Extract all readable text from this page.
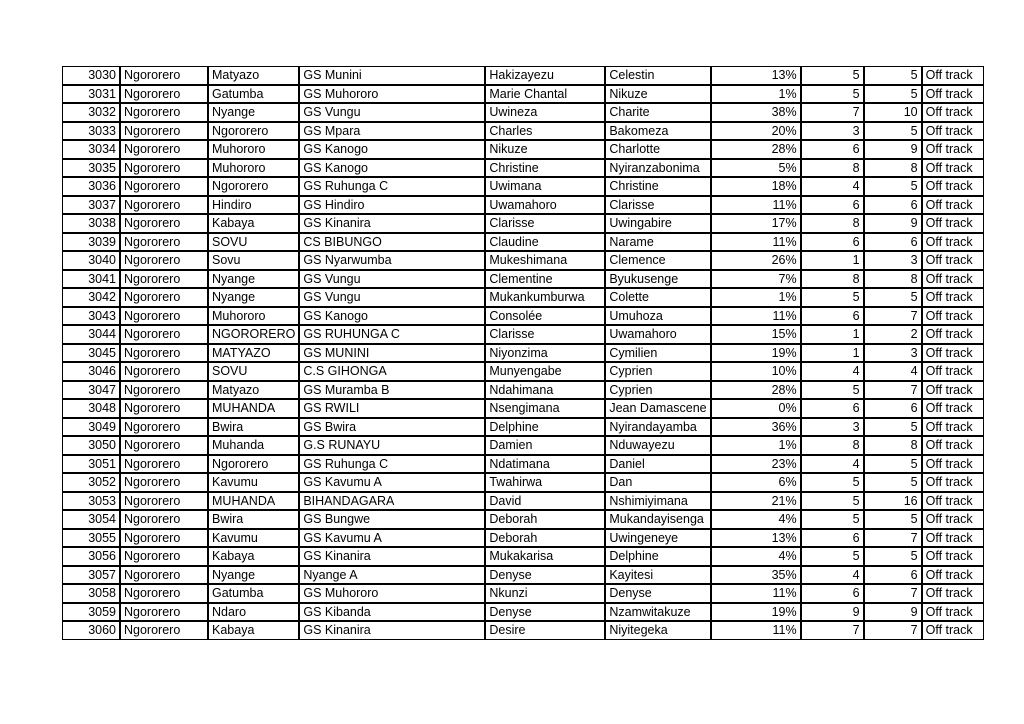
3030	Ngororero	Matyazo	GS Munini	Hakizayezu	Celestin	13%	5	5	Off track
3031	Ngororero	Gatumba	GS Muhororo	Marie Chantal	Nikuze	1%	5	5	Off track
3032	Ngororero	Nyange	GS Vungu	Uwineza	Charite	38%	7	10	Off track
3033	Ngororero	Ngororero	GS Mpara	Charles	Bakomeza	20%	3	5	Off track
3034	Ngororero	Muhororo	GS Kanogo	Nikuze	Charlotte	28%	6	9	Off track
3035	Ngororero	Muhororo	GS Kanogo	Christine	Nyiranzabonima	5%	8	8	Off track
3036	Ngororero	Ngororero	GS Ruhunga C	Uwimana	Christine	18%	4	5	Off track
3037	Ngororero	Hindiro	GS Hindiro	Uwamahoro	Clarisse	11%	6	6	Off track
3038	Ngororero	Kabaya	GS Kinanira	Clarisse	Uwingabire	17%	8	9	Off track
3039	Ngororero	SOVU	CS BIBUNGO	Claudine	Narame	11%	6	6	Off track
3040	Ngororero	Sovu	GS Nyarwumba	Mukeshimana	Clemence	26%	1	3	Off track
3041	Ngororero	Nyange	GS Vungu	Clementine	Byukusenge	7%	8	8	Off track
3042	Ngororero	Nyange	GS Vungu	Mukankumburwa	Colette	1%	5	5	Off track
3043	Ngororero	Muhororo	GS Kanogo	Consolée	Umuhoza	11%	6	7	Off track
3044	Ngororero	NGORORERO	GS RUHUNGA C	Clarisse	Uwamahoro	15%	1	2	Off track
3045	Ngororero	MATYAZO	GS MUNINI	Niyonzima	Cymilien	19%	1	3	Off track
3046	Ngororero	SOVU	C.S GIHONGA	Munyengabe	Cyprien	10%	4	4	Off track
3047	Ngororero	Matyazo	GS Muramba B	Ndahimana	Cyprien	28%	5	7	Off track
3048	Ngororero	MUHANDA	GS RWILI	Nsengimana	Jean Damascene	0%	6	6	Off track
3049	Ngororero	Bwira	GS Bwira	Delphine	Nyirandayamba	36%	3	5	Off track
3050	Ngororero	Muhanda	G.S RUNAYU	Damien	Nduwayezu	1%	8	8	Off track
3051	Ngororero	Ngororero	GS Ruhunga C	Ndatimana	Daniel	23%	4	5	Off track
3052	Ngororero	Kavumu	GS Kavumu A	Twahirwa	Dan	6%	5	5	Off track
3053	Ngororero	MUHANDA	BIHANDAGARA	David	Nshimiyimana	21%	5	16	Off track
3054	Ngororero	Bwira	GS Bungwe	Deborah	Mukandayisenga	4%	5	5	Off track
3055	Ngororero	Kavumu	GS Kavumu A	Deborah	Uwingeneye	13%	6	7	Off track
3056	Ngororero	Kabaya	GS Kinanira	Mukakarisa	Delphine	4%	5	5	Off track
3057	Ngororero	Nyange	Nyange A	Denyse	Kayitesi	35%	4	6	Off track
3058	Ngororero	Gatumba	GS Muhororo	Nkunzi	Denyse	11%	6	7	Off track
3059	Ngororero	Ndaro	GS Kibanda	Denyse	Nzamwitakuze	19%	9	9	Off track
3060	Ngororero	Kabaya	GS Kinanira	Desire	Niyitegeka	11%	7	7	Off track
